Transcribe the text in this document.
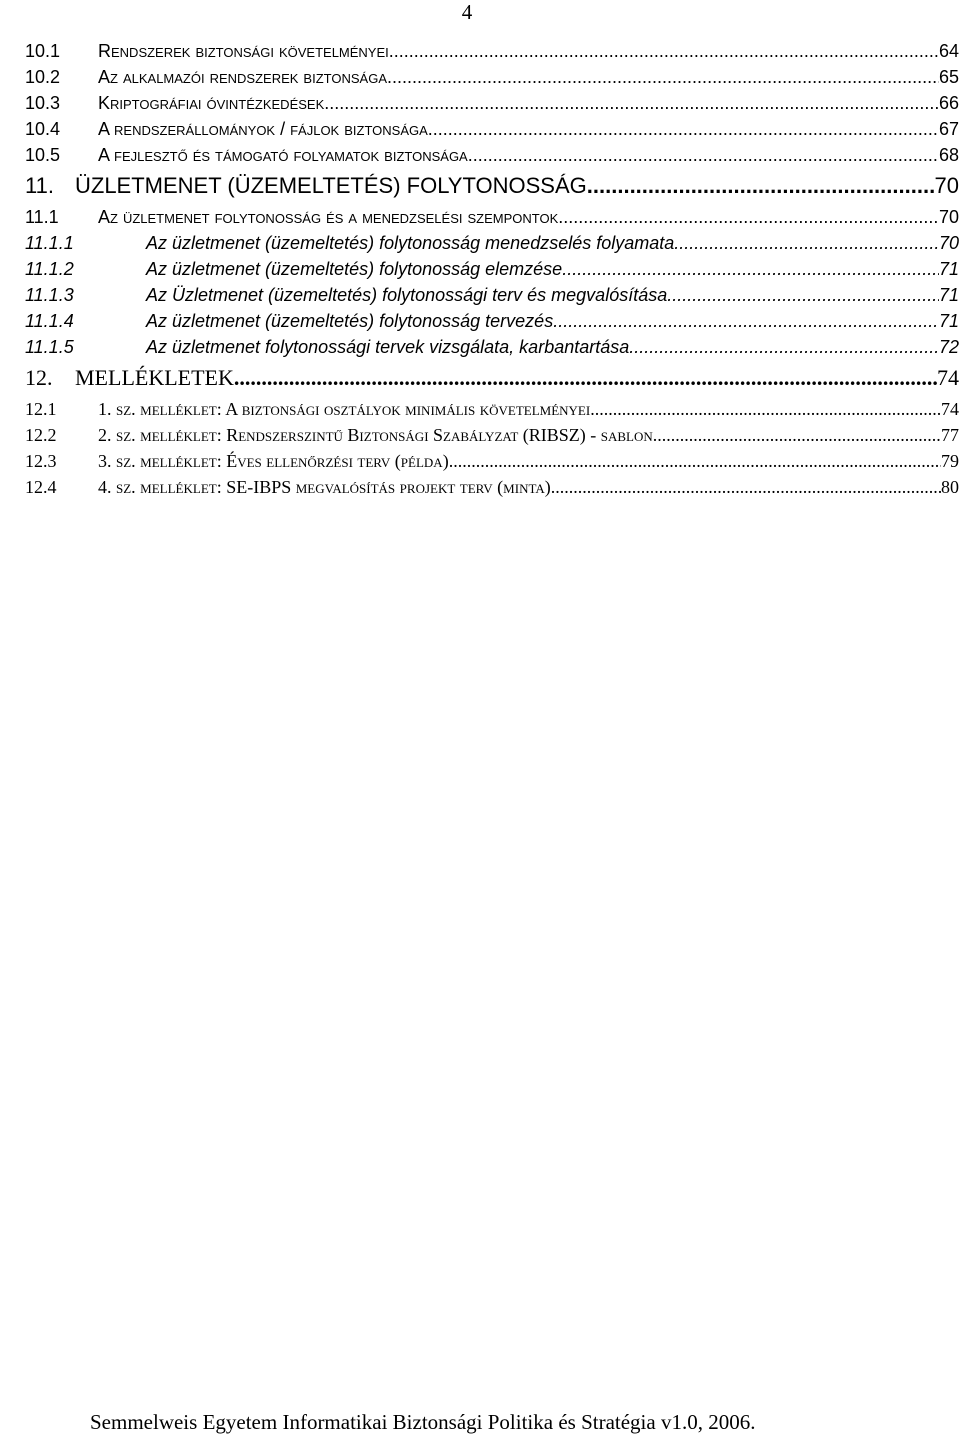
4
10.1	Rendszerek biztonsági követelményei .....	64
10.2	Az alkalmazói rendszerek biztonsága .....	65
10.3	Kriptográfiai óvintézkedések .....	66
10.4	A rendszerállományok / fájlok biztonsága .....	67
10.5	A fejlesztő és támogató folyamatok biztonsága .....	68
11. ÜZLETMENET (ÜZEMELTETÉS) FOLYTONOSSÁG .....	70
11.1	Az üzletmenet folytonosság és a menedzselési szempontok .....	70
11.1.1	Az üzletmenet (üzemeltetés) folytonosság menedzselés folyamata .....	70
11.1.2	Az üzletmenet (üzemeltetés) folytonosság elemzése .....	71
11.1.3	Az Üzletmenet (üzemeltetés) folytonossági terv és megvalósítása .....	71
11.1.4	Az üzletmenet (üzemeltetés) folytonosság tervezés .....	71
11.1.5	Az üzletmenet folytonossági tervek vizsgálata, karbantartása .....	72
12.	MELLÉKLETEK .....	74
12.1	1. sz. melléklet: A biztonsági osztályok minimális követelményei .....	74
12.2	2. sz. melléklet: Rendszerszintű Biztonsági Szabályzat (RIBSZ) - sablon .....	77
12.3	3. sz. melléklet: Éves ellenőrzési terv (példa) .....	79
12.4	4. sz. melléklet: SE-IBPS megvalósítás projekt terv (minta) .....	80
Semmelweis Egyetem Informatikai Biztonsági Politika és Stratégia v1.0, 2006.
